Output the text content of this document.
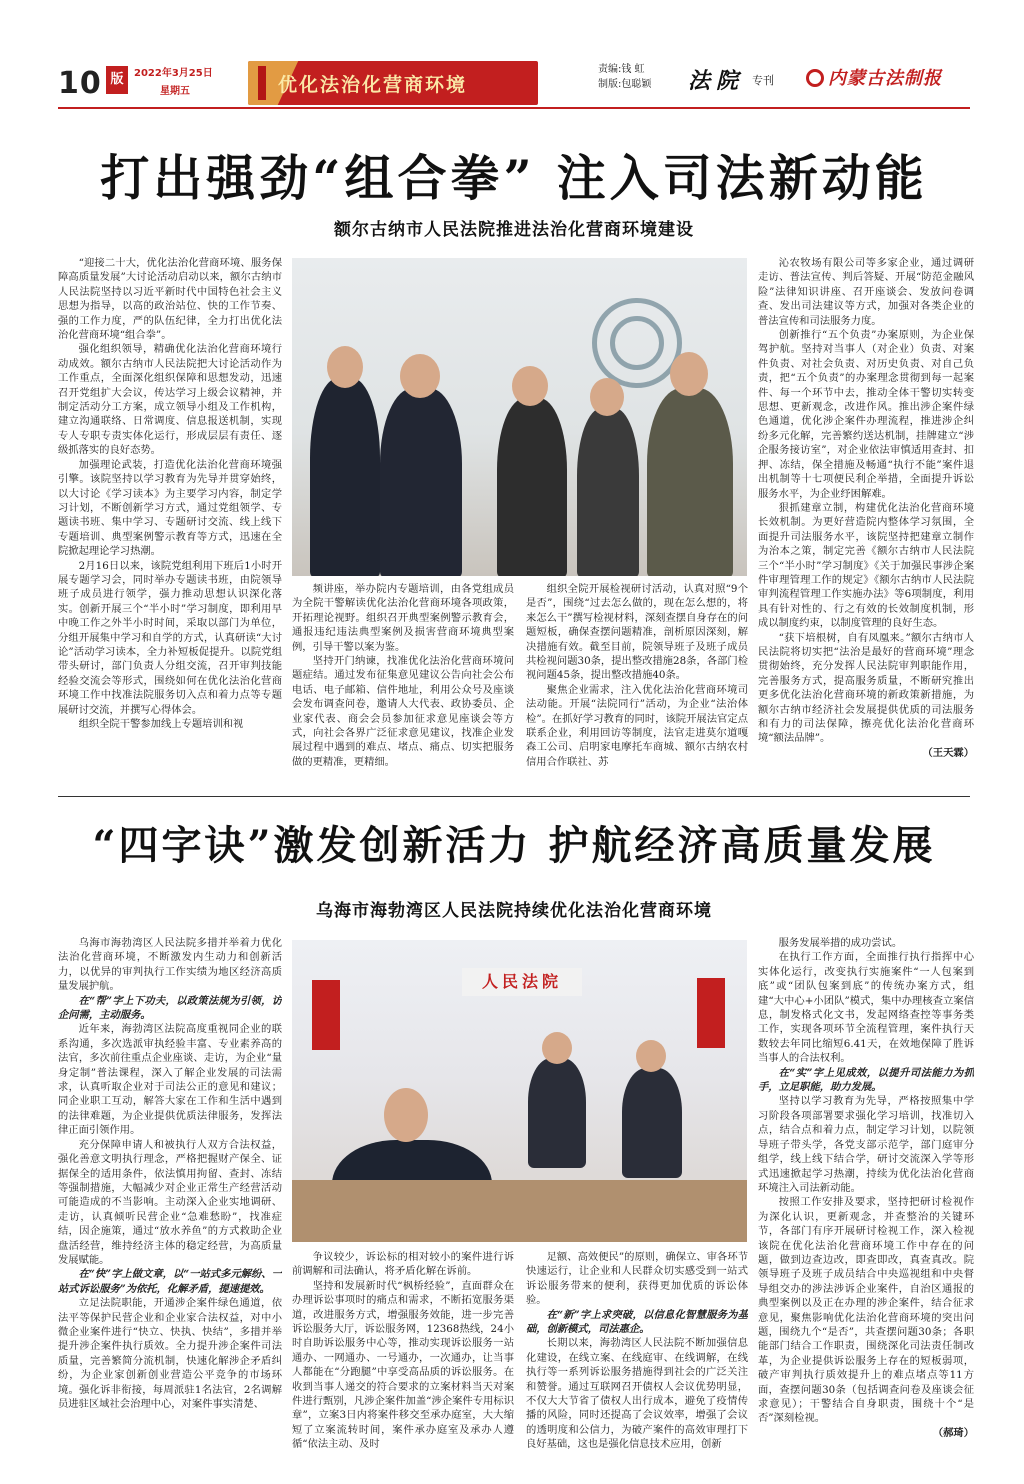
10 版	2022年3月25日
星期五	优化法治化营商环境
责编:钱 虹
制版:包聪颖 法院 专刊	内蒙古法制报
打出强劲“组合拳” 注入司法新动能
额尔古纳市人民法院推进法治化营商环境建设

“迎接二十大，优化法治化营商环境、服务保障高质量发展”大讨论活动启动以来，额尔古纳市人民法院坚持以习近平新时代中国特色社会主义思想为指导，以高的政治站位、快的工作节奏、强的工作力度，严的队伍纪律，全力打出优化法治化营商环境“组合拳”。

强化组织领导，精确优化法治化营商环境行动成效。额尔古纳市人民法院把大讨论活动作为工作重点，全面深化组织保障和思想发动，迅速召开党组扩大会议，传达学习上级会议精神，并制定活动分工方案，成立领导小组及工作机构，建立沟通联络、日常调度、信息报送机制，实现专人专职专责实体化运行，形成层层有责任、逐级抓落实的良好态势。

加强理论武装，打造优化法治化营商环境强引擎。该院坚持以学习教育为先导并贯穿始终，以大讨论《学习读本》为主要学习内容，制定学习计划，不断创新学习方式，通过党组领学、专题读书班、集中学习、专题研讨交流、线上线下专题培训、典型案例警示教育等方式，迅速在全院掀起理论学习热潮。

2月16日以来，该院党组利用下班后1小时开展专题学习会，同时举办专题读书班，由院领导班子成员进行领学，强力推动思想认识深化落实。创新开展三个“半小时”学习制度，即利用早中晚工作之外半小时时间，采取以部门为单位，分组开展集中学习和自学的方式，认真研读“大讨论”活动学习读本，全力补短板促提升。以院党组带头研讨，部门负责人分组交流，召开审判技能经验交流会等形式，围绕如何在优化法治化营商环境工作中找准法院服务切入点和着力点等专题展研讨交流，并撰写心得体会。

组织全院干警参加线上专题培训和视

频讲座，举办院内专题培训，由各党组成员为全院干警解读优化法治化营商环境各项政策，开拓理论视野。组织召开典型案例警示教育会，通报违纪违法典型案例及损害营商环境典型案例，引导干警以案为鉴。

坚持开门纳谏，找准优化法治化营商环境问题症结。通过发布征集意见建议公告向社会公布电话、电子邮箱、信件地址，利用公众号及座谈会发布调查问卷，邀请人大代表、政协委员、企业家代表、商会会员参加征求意见座谈会等方式，向社会各界广泛征求意见建议，找准企业发展过程中遇到的难点、堵点、痛点、切实把服务做的更精准，更精细。

组织全院开展检视研讨活动，认真对照“9个是否”，围绕“过去怎么做的，现在怎么想的，将来怎么干”撰写检视材料，深刻查摆自身存在的问题短板，确保查摆问题精准，剖析原因深刻，解决措施有效。截至目前，院领导班子及班子成员共检视问题30条，提出整改措施28条，各部门检视问题45条，提出整改措施40条。

聚焦企业需求，注入优化法治化营商环境司法动能。开展“法院同行”活动，为企业“法治体检”。在抓好学习教育的同时，该院开展法官定点联系企业，利用回访等制度，法官走进莫尔道嘎森工公司、启明家电摩托车商城、额尔古纳农村信用合作联社、苏

沁农牧场有限公司等多家企业，通过调研走访、普法宣传、判后答疑、开展“防范金融风险”法律知识讲座、召开座谈会、发放问卷调查、发出司法建议等方式，加强对各类企业的普法宣传和司法服务力度。

创新推行“五个负责”办案原则，为企业保驾护航。坚持对当事人（对企业）负责、对案件负责、对社会负责、对历史负责、对自己负责，把“五个负责”的办案理念贯彻到每一起案件、每一个环节中去，推动全体干警切实转变思想、更新观念，改进作风。推出涉企案件绿色通道，优化涉企案件办理流程，推进涉企纠纷多元化解，完善繁约送达机制，挂牌建立“涉企服务接访室”，对企业依法审慎适用查封、扣押、冻结，保全措施及畅通“执行不能”案件退出机制等十七项便民利企举措，全面提升诉讼服务水平，为企业纾困解难。

狠抓建章立制，构建优化法治化营商环境长效机制。为更好营造院内整体学习氛围，全面提升司法服务水平，该院坚持把建章立制作为治本之策，制定完善《额尔古纳市人民法院三个“半小时”学习制度》《关于加强民事涉企案件审理管理工作的规定》《额尔古纳市人民法院审判流程管理工作实施办法》等6项制度，利用具有针对性的、行之有效的长效制度机制，形成以制度约束，以制度管理的良好生态。

“获下培根树，自有凤凰来。”额尔古纳市人民法院将切实把“法治是最好的营商环境”理念贯彻始终，充分发挥人民法院审判职能作用，完善服务方式，提高服务质量，不断研究推出更多优化法治化营商环境的新政策新措施，为额尔古纳市经济社会发展提供优质的司法服务和有力的司法保障，擦亮优化法治化营商环境“额法品牌”。

（王天霖）

“四字诀”激发创新活力 护航经济高质量发展
乌海市海勃湾区人民法院持续优化法治化营商环境

乌海市海勃湾区人民法院多措并举着力优化法治化营商环境，不断激发内生动力和创新活力，以优异的审判执行工作实绩为地区经济高质量发展护航。

在“帮”字上下功夫，以政策法规为引领，访企问需，主动服务。

近年来，海勃湾区法院高度重视同企业的联系沟通，多次选派审执经验丰富、专业素养高的法官，多次前往重点企业座谈、走访，为企业“量身定制”普法课程，深入了解企业发展的司法需求，认真听取企业对于司法公正的意见和建议；同企业职工互动，解答大家在工作和生活中遇到的法律难题，为企业提供优质法律服务，发挥法律正面引领作用。

充分保障申请人和被执行人双方合法权益，强化善意文明执行理念，严格把握财产保全、证据保全的适用条件，依法慎用拘留、查封、冻结等强制措施，大幅减少对企业正常生产经营活动可能造成的不当影响。主动深入企业实地调研、走访，认真倾听民营企业“急难愁盼”，找准症结，因企施策，通过“放水养鱼”的方式救助企业盘活经营，维持经济主体的稳定经营，为高质量发展赋能。

在“快”字上做文章，以“一站式多元解纷、一站式诉讼服务”为依托，化解矛盾，提速提效。

立足法院职能，开通涉企案件绿色通道，依法平等保护民营企业和企业家合法权益，对中小微企业案件进行“快立、快执、快结”，多措并举提升涉企案件执行质效。全力提升涉企案件司法质量，完善繁简分流机制，快速化解涉企矛盾纠纷，为企业家创新创业营造公平竞争的市场环境。强化诉非衔接，每周派驻1名法官，2名调解员进驻区域社会治理中心，对案件事实清楚、

人民法院

争议较少，诉讼标的相对较小的案件进行诉前调解和司法确认，将矛盾化解在诉前。

坚持和发展新时代“枫桥经验”，直面群众在办理诉讼事项时的痛点和需求，不断拓宽服务渠道，改进服务方式，增强服务效能，进一步完善诉讼服务大厅，诉讼服务网，12368热线，24小时自助诉讼服务中心等，推动实现诉讼服务一站通办、一网通办、一号通办，一次通办，让当事人都能在“分跑腿”中享受高品质的诉讼服务。在收到当事人递交的符合要求的立案材料当天对案件进行甄别，凡涉企案件加盖“涉企案件专用标识章”，立案3日内将案件移交至承办庭室，大大缩短了立案流转时间，案件承办庭室及承办人遵循“依法主动、及时

足额、高效便民”的原则，确保立、审各环节快速运行，让企业和人民群众切实感受到一站式诉讼服务带来的便利，获得更加优质的诉讼体验。

在“新”字上求突破，以信息化智慧服务为基础，创新模式，司法惠企。

长期以来，海勃湾区人民法院不断加强信息化建设，在线立案、在线庭审、在线调解，在线执行等一系列诉讼服务措施得到社会的广泛关注和赞誉。通过互联网召开债权人会议优势明显，不仅大大节省了债权人出行成本，避免了疫情传播的风险，同时还提高了会议效率，增强了会议的透明度和公信力，为破产案件的高效审理打下良好基础，这也是强化信息技术应用，创新

服务发展举措的成功尝试。

在执行工作方面，全面推行执行指挥中心实体化运行，改变执行实施案件“一人包案到底”或“团队包案到底”的传统办案方式，组建“大中心+小团队”模式，集中办理核查立案信息，制发格式化文书，发起网络查控等事务类工作，实现各项环节全流程管理，案件执行天数较去年同比缩短6.41天，在效地保障了胜诉当事人的合法权利。

在“实”字上见成效，以提升司法能力为抓手，立足职能，助力发展。

坚持以学习教育为先导，严格按照集中学习阶段各项部署要求强化学习培训，找准切入点，结合点和着力点，制定学习计划，以院领导班子带头学，各党支部示范学，部门庭审分组学，线上线下结合学，研讨交流深入学等形式迅速掀起学习热潮，持续为优化法治化营商环境注入司法新动能。

按照工作安排及要求，坚持把研讨检视作为深化认识，更新观念，并查整治的关键环节，各部门有序开展研讨检视工作，深入检视该院在优化法治化营商环境工作中存在的问题，做到边查边改，即查即改，真查真改。院领导班子及班子成员结合中央巡视组和中央督导组交办的涉法涉诉企业案件，自治区通报的典型案例以及正在办理的涉企案件，结合征求意见，聚焦影响优化法治化营商环境的突出问题，围绕九个“是否”，共查摆问题30条；各职能部门结合工作职责，围绕深化司法责任制改革，为企业提供诉讼服务上存在的短板弱项，破产审判执行质效提升上的难点堵点等11方面，查摆问题30条（包括调查问卷及座谈会征求意见）；干警结合自身职责，围绕十个“是否”深刻检视。

（郝琦）
